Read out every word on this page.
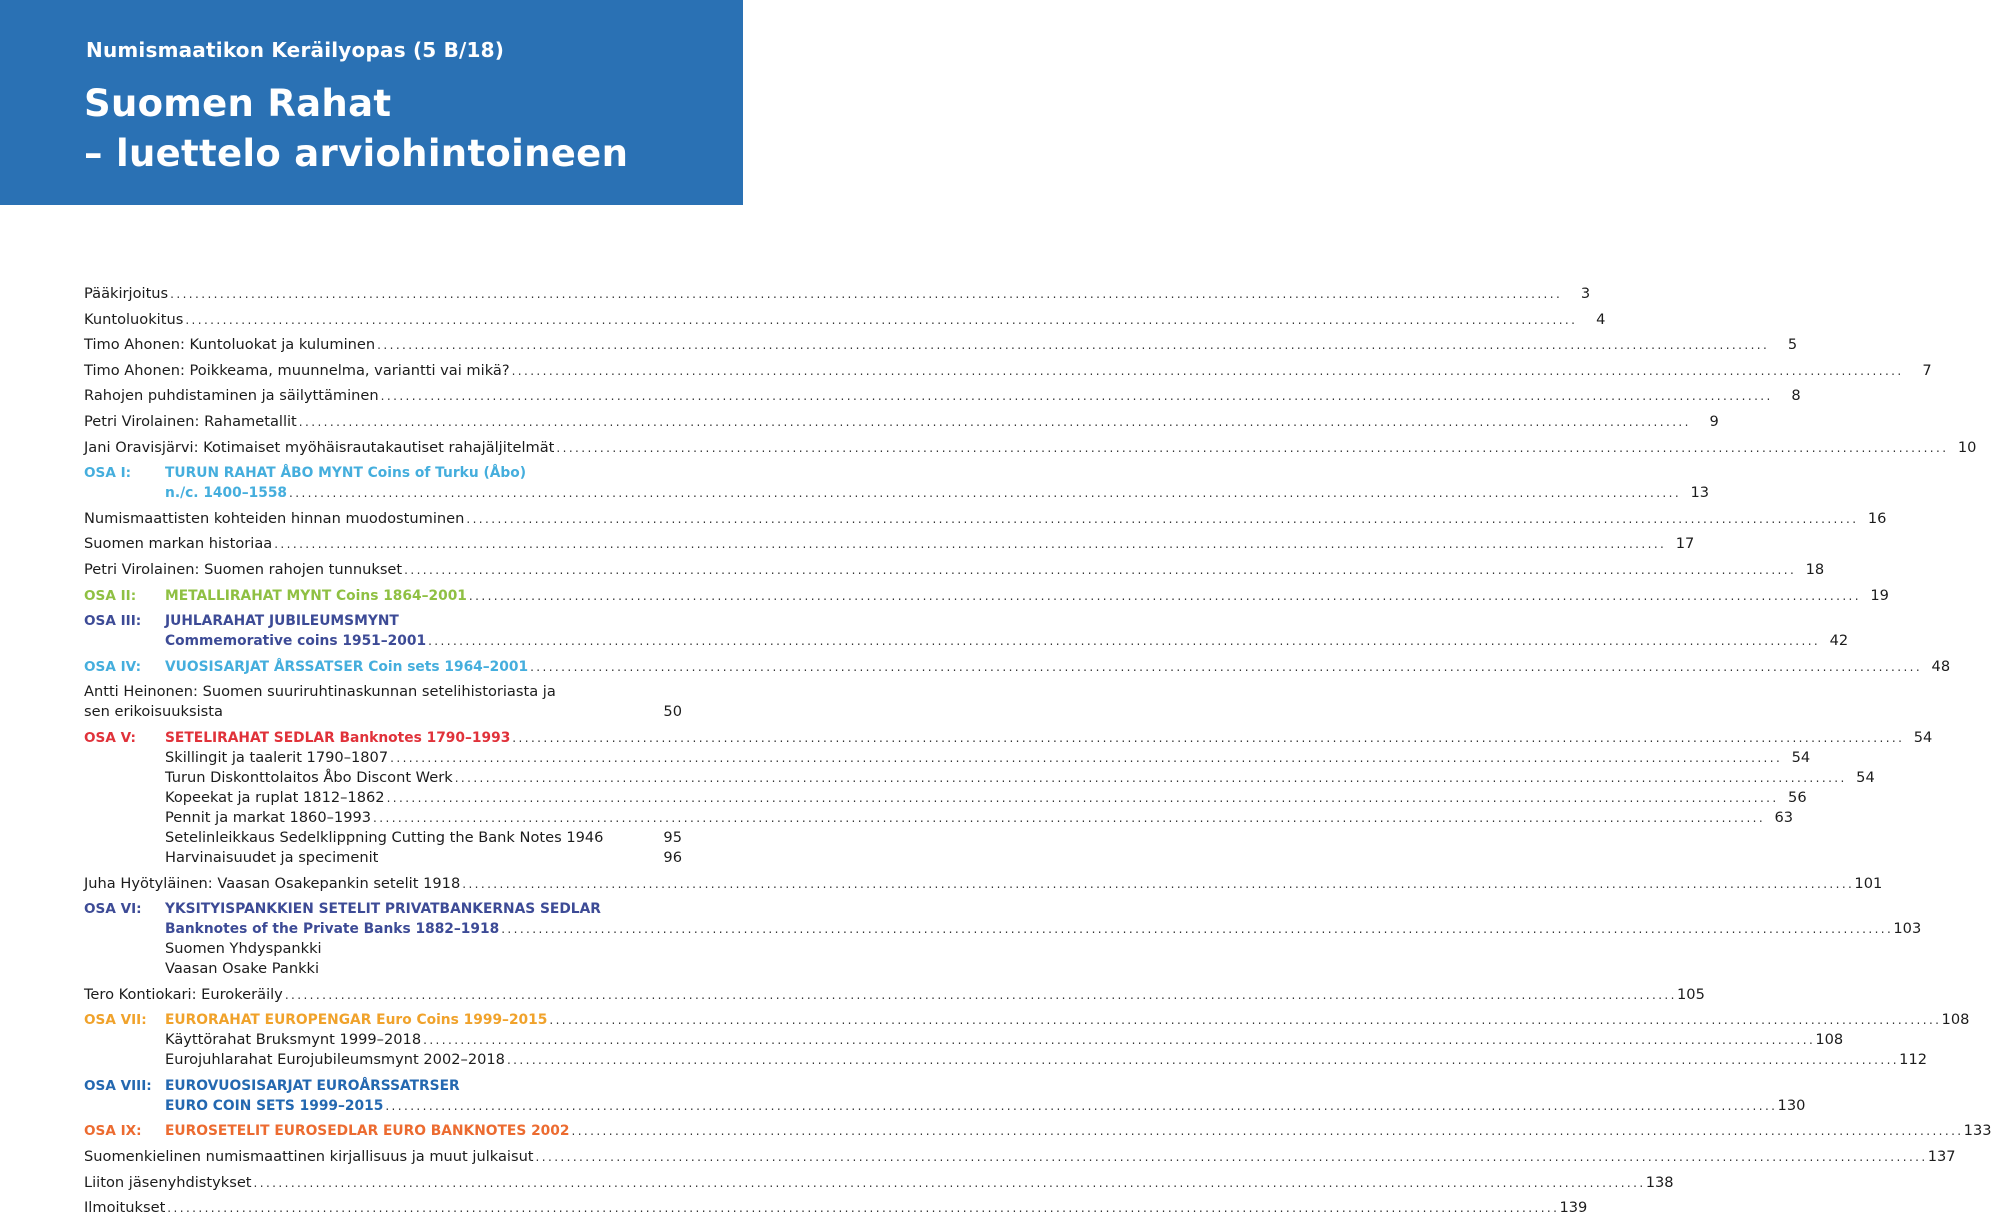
Numismaatikon Keräilyopas (5 B/18)
Suomen Rahat
– luettelo arviohintoineen
Pääkirjoitus .....	3
Kuntoluokitus .....	4
Timo Ahonen: Kuntoluokat ja kuluminen .....	5
Timo Ahonen: Poikkeama, muunnelma, variantti vai mikä? .....	7
Rahojen puhdistaminen ja säilyttäminen .....	8
Petri Virolainen: Rahametallit .....	9
Jani Oravisjärvi: Kotimaiset myöhäisrautakautiset rahajäljitelmät .....	10
OSA I:	TURUN RAHAT ÅBO MYNT Coins of Turku (Åbo)
n./c. 1400–1558 .....	13
Numismaattisten kohteiden hinnan muodostuminen .....	16
Suomen markan historiaa .....	17
Petri Virolainen: Suomen rahojen tunnukset .....	18
OSA II:	METALLIRAHAT MYNT Coins 1864–2001 .....	19
OSA III:	JUHLARAHAT JUBILEUMSMYNT
Commemorative coins 1951–2001 .....	42
OSA IV:	VUOSISARJAT ÅRSSATSER Coin sets 1964–2001 .....	48
Antti Heinonen: Suomen suuriruhtinaskunnan setelihistoriasta ja
sen erikoisuuksista	50
OSA V:	SETELIRAHAT SEDLAR Banknotes 1790–1993 .....	54
Skillingit ja taalerit 1790–1807 .....	54
Turun Diskonttolaitos Åbo Discont Werk .....	54
Kopeekat ja ruplat 1812–1862 .....	56
Pennit ja markat 1860–1993 .....	63
Setelinleikkaus Sedelklippning Cutting the Bank Notes 1946	95
Harvinaisuudet ja specimenit	96
Juha Hyötyläinen: Vaasan Osakepankin setelit 1918 .....	101
OSA VI:	YKSITYISPANKKIEN SETELIT PRIVATBANKERNAS SEDLAR
Banknotes of the Private Banks 1882–1918 .....	103
Suomen Yhdyspankki
Vaasan Osake Pankki
Tero Kontiokari: Eurokeräily .....	105
OSA VII:	EURORAHAT EUROPENGAR Euro Coins 1999–2015 .....	108
Käyttörahat Bruksmynt 1999–2018 .....	108
Eurojuhlarahat Eurojubileumsmynt 2002–2018 .....	112
OSA VIII: EUROVUOSISARJAT EUROÅRSSATRSER
EURO COIN SETS 1999–2015 .....	130
OSA IX:	EUROSETELIT EUROSEDLAR EURO BANKNOTES 2002 .....	133
Suomenkielinen numismaattinen kirjallisuus ja muut julkaisut .....	137
Liiton jäsenyhdistykset .....	138
Ilmoitukset .....	139
